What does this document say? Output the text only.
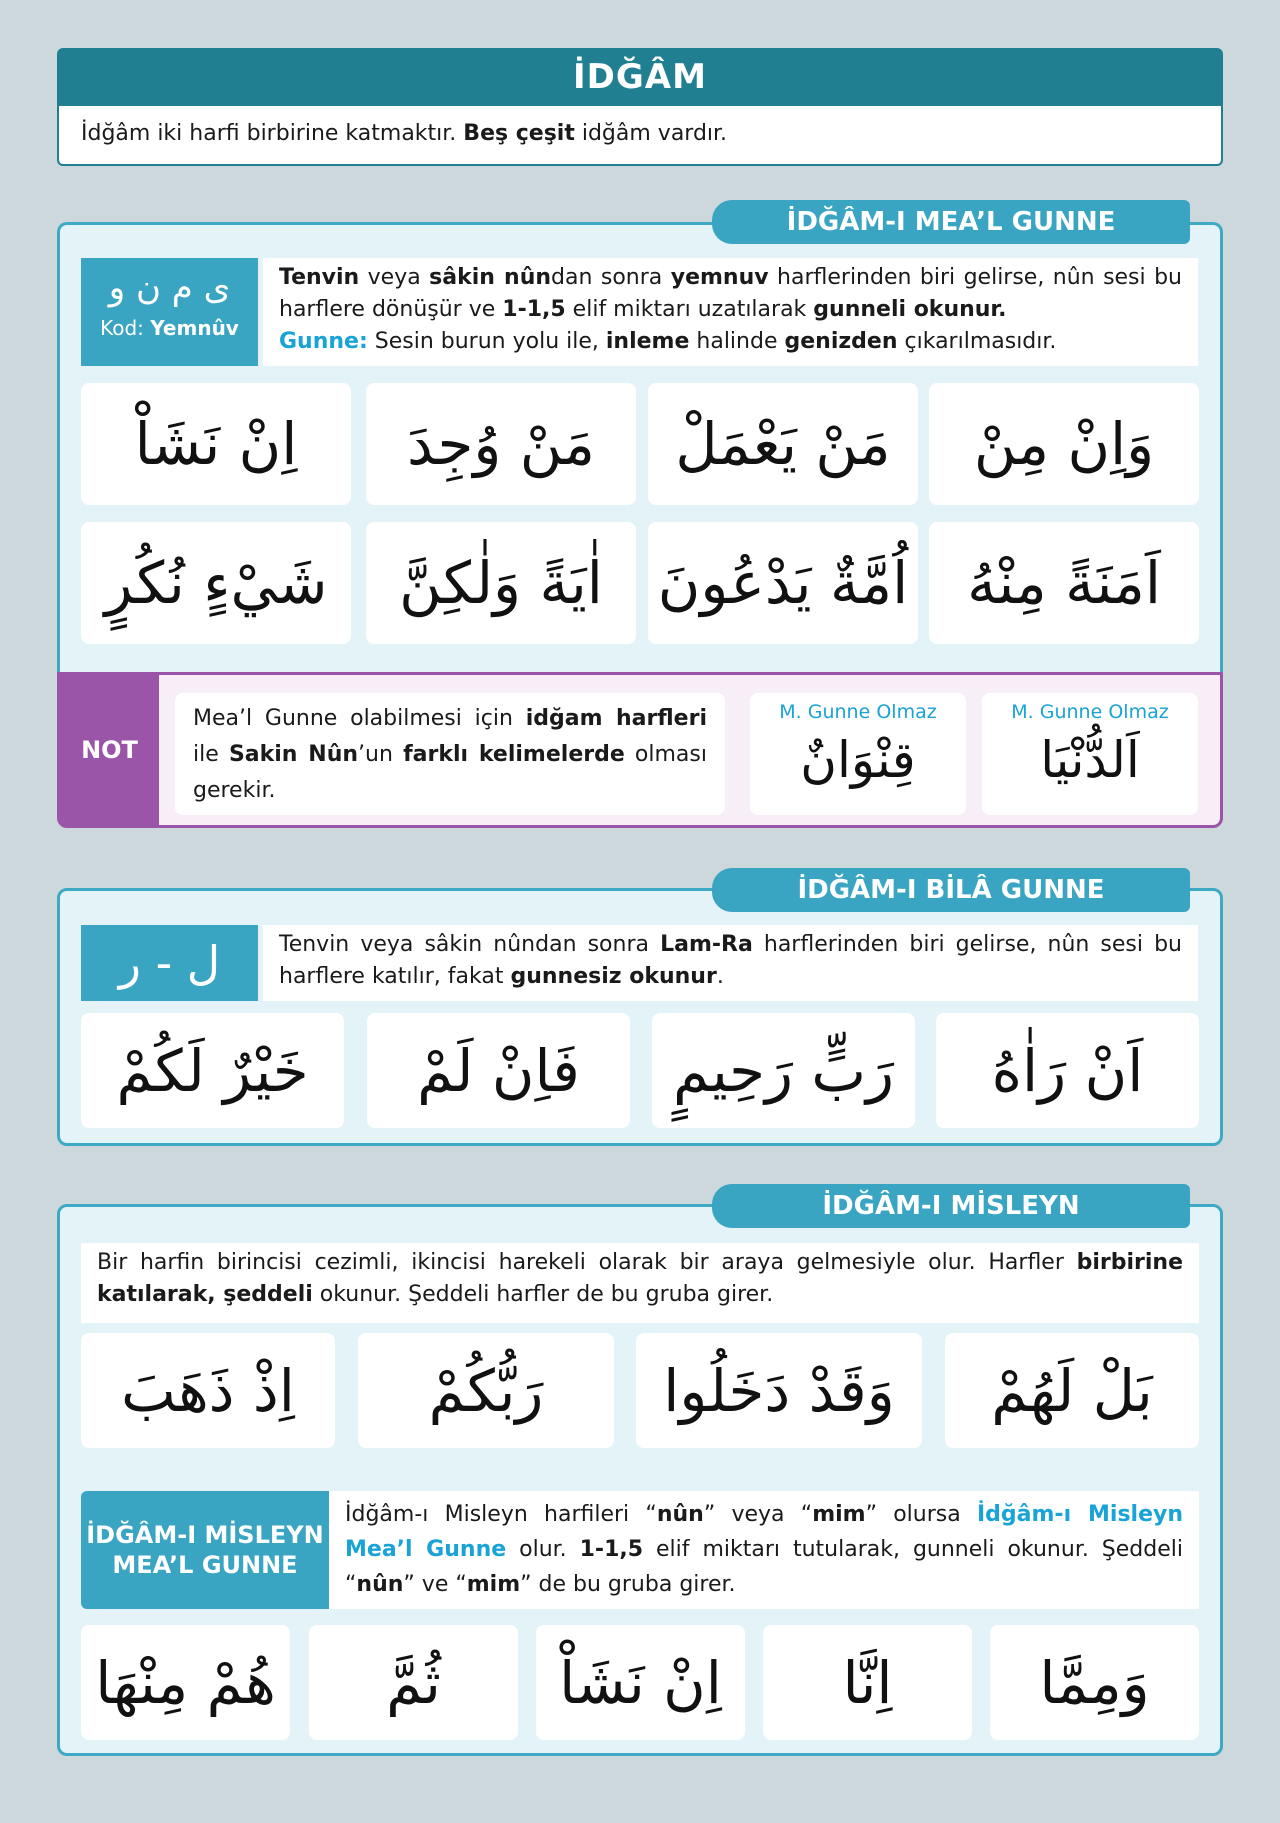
İDĞÂM
İdğâm iki harfi birbirine katmaktır. Beş çeşit idğâm vardır.
ی م ن و
Kod: Yemnûv
Tenvin veya sâkin nûndan sonra yemnuv harflerinden biri gelirse, nûn sesi bu harflere dönüşür ve 1-1,5 elif miktarı uzatılarak gunneli okunur.
Gunne: Sesin burun yolu ile, inleme halinde genizden çıkarılmasıdır.
وَاِنْ مِنْ
مَنْ يَعْمَلْ
مَنْ وُجِدَ
اِنْ نَشَاْ
اَمَنَةً مِنْهُ
اُمَّةٌ يَدْعُونَ
اٰيَةً وَلٰكِنَّ
شَيْءٍ نُكُرٍ
İDĞÂM-I MEA’L GUNNE
NOT
Mea’l Gunne olabilmesi için idğam harfleri ile Sakin Nûn’un farklı kelimelerde olması gerekir.
M. Gunne Olmaz
قِنْوَانٌ
M. Gunne Olmaz
اَلدُّنْيَا
ل - ر	Tenvin veya sâkin nûndan sonra Lam-Ra harflerinden biri gelirse, nûn sesi bu harflere katılır, fakat gunnesiz okunur.
اَنْ رَاٰهُ
رَبٍّ رَحِيمٍ
فَاِنْ لَمْ
خَيْرٌ لَكُمْ
İDĞÂM-I BİLÂ GUNNE
Bir harfin birincisi cezimli, ikincisi harekeli olarak bir araya gelmesiyle olur. Harfler birbirine katılarak, şeddeli okunur. Şeddeli harfler de bu gruba girer.
بَلْ لَهُمْ
وَقَدْ دَخَلُوا
رَبُّكُمْ
اِذْ ذَهَبَ
İDĞÂM-I MİSLEYN
MEA’L GUNNE
İdğâm-ı Misleyn harfileri “nûn” veya “mim” olursa İdğâm-ı Misleyn Mea’l Gunne olur. 1-1,5 elif miktarı tutularak, gunneli okunur. Şeddeli “nûn” ve “mim” de bu gruba girer.
وَمِمَّا
اِنَّا
اِنْ نَشَاْ
ثُمَّ
هُمْ مِنْهَا
İDĞÂM-I MİSLEYN
